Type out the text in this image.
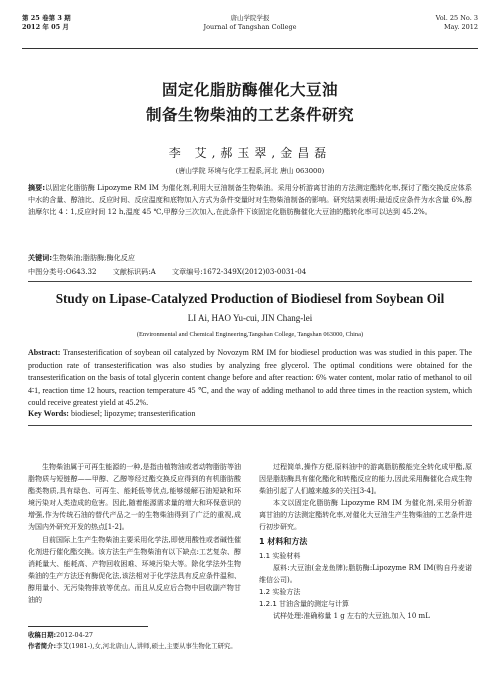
第 25 卷第 3 期
2012 年 05 月
唐山学院学报
Journal of Tangshan College
Vol. 25 No. 3
May. 2012
固定化脂肪酶催化大豆油
制备生物柴油的工艺条件研究
李 艾,郝玉翠,金昌磊
(唐山学院 环境与化学工程系,河北 唐山 063000)
摘要:以固定化脂肪酶 Lipozyme RM IM 为催化剂,利用大豆油制备生物柴油。采用分析游离甘油的方法测定酯转化率,探讨了酯交换反应体系中水的含量、醇油比、反应时间、反应温度和底物加入方式为条件变量时对生物柴油制备的影响。研究结果表明:最适反应条件为水含量 6%,醇油摩尔比 4∶1,反应时间 12 h,温度 45 ℃,甲醇分三次加入,在此条件下该固定化脂肪酶催化大豆油的酯转化率可以达到 45.2%。
关键词:生物柴油;脂肪酶;酶化反应
中图分类号:O643.32 文献标识码:A 文章编号:1672-349X(2012)03-0031-04
Study on Lipase-Catalyzed Production of Biodiesel from Soybean Oil
LI Ai, HAO Yu-cui, JIN Chang-lei
(Environmental and Chemical Engineering,Tangshan College, Tangshan 063000, China)
Abstract: Transesterification of soybean oil catalyzed by Novozym RM IM for biodiesel production was was studied in this paper. The production rate of transesterification was also studies by analyzing free glycerol. The optimal conditions were obtained for the transesterification on the basis of total glycerin content change before and after reaction: 6% water content, molar ratio of methanol to oil 4∶1, reaction time 12 hours, reaction temperature 45 ℃, and the way of adding methanol to add three times in the reaction system, which could receive greatest yield at 45.2%.
Key Words: biodiesel; lipozyme; transesterification

生物柴油属于可再生能源的一种,是指由植物油或者动物脂肪等油脂物质与短链醇——甲醇、乙醇等经过酯交换反应得到的有机脂肪酸酯类物质,具有绿色、可再生、能耗低等优点,能够缓解石油短缺和环境污染对人类造成的危害。因此,随着能源需求量的增大和环保意识的增强,作为传统石油的替代产品之一的生物柴油得到了广泛的重视,成为国内外研究开发的热点[1-2]。

目前国际上生产生物柴油主要采用化学法,即使用酸性或者碱性催化剂进行催化酯交换。该方法生产生物柴油有以下缺点:工艺复杂、醇消耗量大、能耗高、产物回收困难、环境污染大等。除化学法外生物柴油的生产方法还有酶促化法,该法相对于化学法具有反应条件温和、醇用量小、无污染物排放等优点。而且从反应后合物中回收副产物甘油的

过程简单,操作方便,原料油中的游离脂肪酸能完全转化成甲酯,原因是脂肪酶具有催化酯化和转酯反应的能力,因此采用酶催化合成生物柴油引起了人们越来越多的关注[3-4]。

本文以固定化脂肪酶 Lipozyme RM IM 为催化剂,采用分析游离甘油的方法测定酯转化率,对催化大豆油生产生物柴油的工艺条件进行初步研究。

1 材料和方法

1.1 实验材料

原料:大豆油(金龙鱼牌);脂肪酶:Lipozyme RM IM(购自丹麦诺维信公司)。

1.2 实验方法

1.2.1 甘油含量的测定与计算

试样处理:准确称量 1 g 左右的大豆油,加入 10 mL

收稿日期:2012-04-27
作者简介:李艾(1981-),女,河北唐山人,讲师,硕士,主要从事生物化工研究。
